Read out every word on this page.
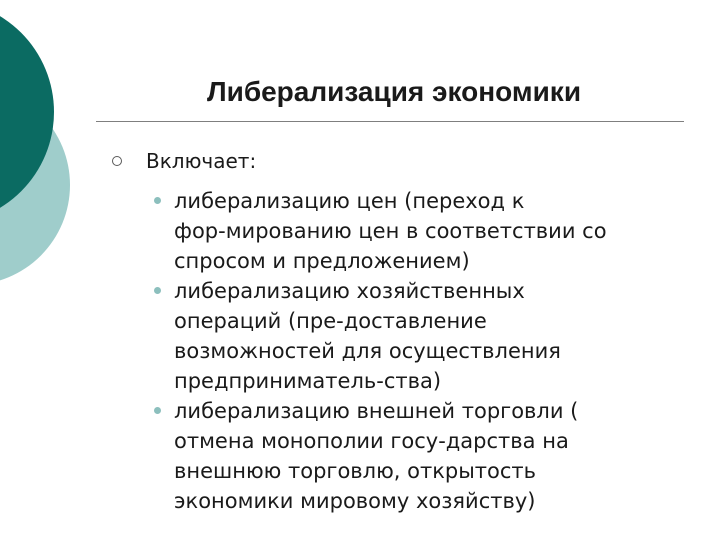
Либерализация экономики
Включает:
либерализацию цен (переход к
фор-мированию цен в соответствии со
спросом и предложением)
либерализацию хозяйственных
операций (пре-доставление
возможностей для осуществления
предприниматель-ства)
либерализацию внешней торговли (
отмена монополии госу-дарства на
внешнюю торговлю, открытость
экономики мировому хозяйству)
